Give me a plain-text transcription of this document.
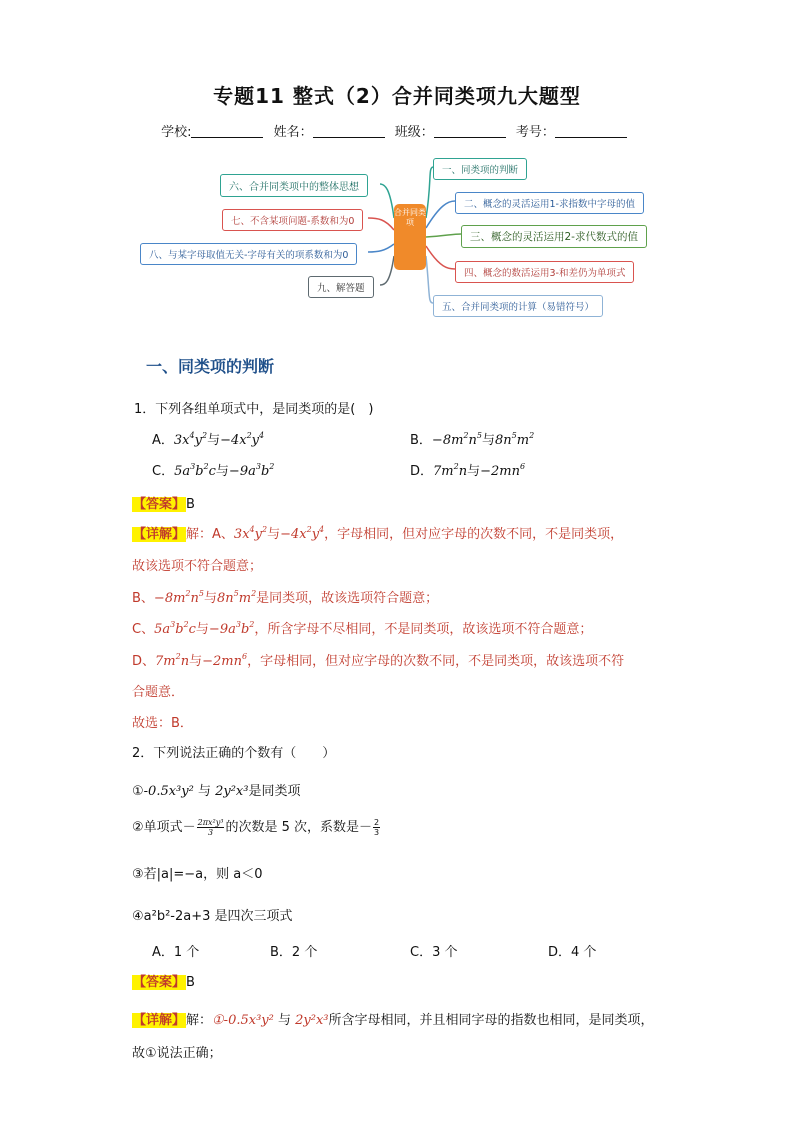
专题11 整式（2）合并同类项九大题型
学校:	姓名：	班级：	考号：
合并同类项
一、同类项的判断
二、概念的灵活运用1-求指数中字母的值
三、概念的灵活运用2-求代数式的值
四、概念的数活运用3-和差仍为单项式
五、合并同类项的计算（易错符号）
六、合并同类项中的整体思想
七、不含某项问题-系数和为0
八、与某字母取值无关-字母有关的项系数和为0
九、解答题
一、同类项的判断
1．下列各组单项式中，是同类项的是(　)
A．$3x^4y^2$与$-4x^2y^4$	B．$-8m^2n^5$与$8n^5m^2$
C．$5a^3b^2c$与$-9a^3b^2$	D．$7m^2n$与$-2mn^6$
【答案】B
【详解】解：A、$3x^4y^2$与$-4x^2y^4$，字母相同，但对应字母的次数不同，不是同类项，
故该选项不符合题意；
B、$-8m^2n^5$与$8n^5m^2$是同类项，故该选项符合题意；
C、$5a^3b^2c$与$-9a^3b^2$，所含字母不尽相同，不是同类项，故该选项不符合题意；
D、$7m^2n$与$-2mn^6$，字母相同，但对应字母的次数不同，不是同类项，故该选项不符
合题意．
故选：B．
2．下列说法正确的个数有（　　）
①-0.5x³y² 与 2y²x³是同类项
②单项式－ $\frac{\text{2πx²y³}}{3}$ 的次数是 5 次，系数是－ $\frac{2}{3}$
③若|a|=−a，则 a＜0
④a²b²-2a+3 是四次三项式
A．1 个	B．2 个	C．3 个	D．4 个
【答案】B
【详解】解：①-0.5x³y² 与 2y²x³所含字母相同，并且相同字母的指数也相同，是同类项，
故①说法正确；
